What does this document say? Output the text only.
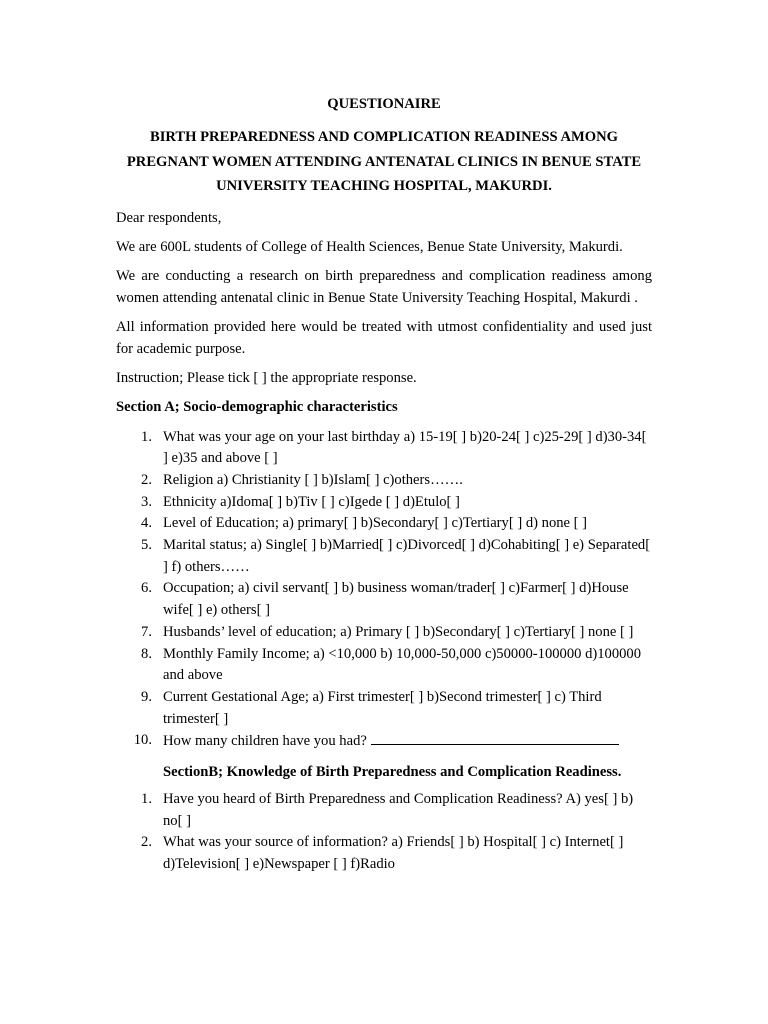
QUESTIONAIRE
BIRTH PREPAREDNESS AND COMPLICATION READINESS AMONG PREGNANT WOMEN ATTENDING ANTENATAL CLINICS IN BENUE STATE UNIVERSITY TEACHING HOSPITAL, MAKURDI.

Dear respondents,

We are 600L students of College of Health Sciences, Benue State University, Makurdi.

We are conducting a research on birth preparedness and complication readiness among women attending antenatal clinic in Benue State University Teaching Hospital, Makurdi .

All information provided here would be treated with utmost confidentiality and used just for academic purpose.

Instruction; Please tick [ ] the appropriate response.

Section A; Socio-demographic characteristics
1. What was your age on your last birthday a) 15-19[ ] b)20-24[ ] c)25-29[ ] d)30-34[ ] e)35 and above [ ]
2. Religion a) Christianity [ ] b)Islam[ ] c)others…….
3. Ethnicity a)Idoma[ ] b)Tiv [ ] c)Igede [ ] d)Etulo[ ]
4. Level of Education; a) primary[ ] b)Secondary[ ] c)Tertiary[ ] d) none [ ]
5. Marital status; a) Single[ ] b)Married[ ] c)Divorced[ ] d)Cohabiting[ ] e) Separated[ ] f) others……
6. Occupation; a) civil servant[ ] b) business woman/trader[ ] c)Farmer[ ] d)House wife[ ] e) others[ ]
7. Husbands’ level of education; a) Primary [ ] b)Secondary[ ] c)Tertiary[ ] none [ ]
8. Monthly Family Income; a) <10,000 b) 10,000-50,000 c)50000-100000 d)100000 and above
9. Current Gestational Age; a) First trimester[ ] b)Second trimester[ ] c) Third trimester[ ]
10. How many children have you had?
SectionB; Knowledge of Birth Preparedness and Complication Readiness.
1. Have you heard of Birth Preparedness and Complication Readiness? A) yes[ ] b) no[ ]
2. What was your source of information? a) Friends[ ] b) Hospital[ ] c) Internet[ ] d)Television[ ] e)Newspaper [ ] f)Radio
